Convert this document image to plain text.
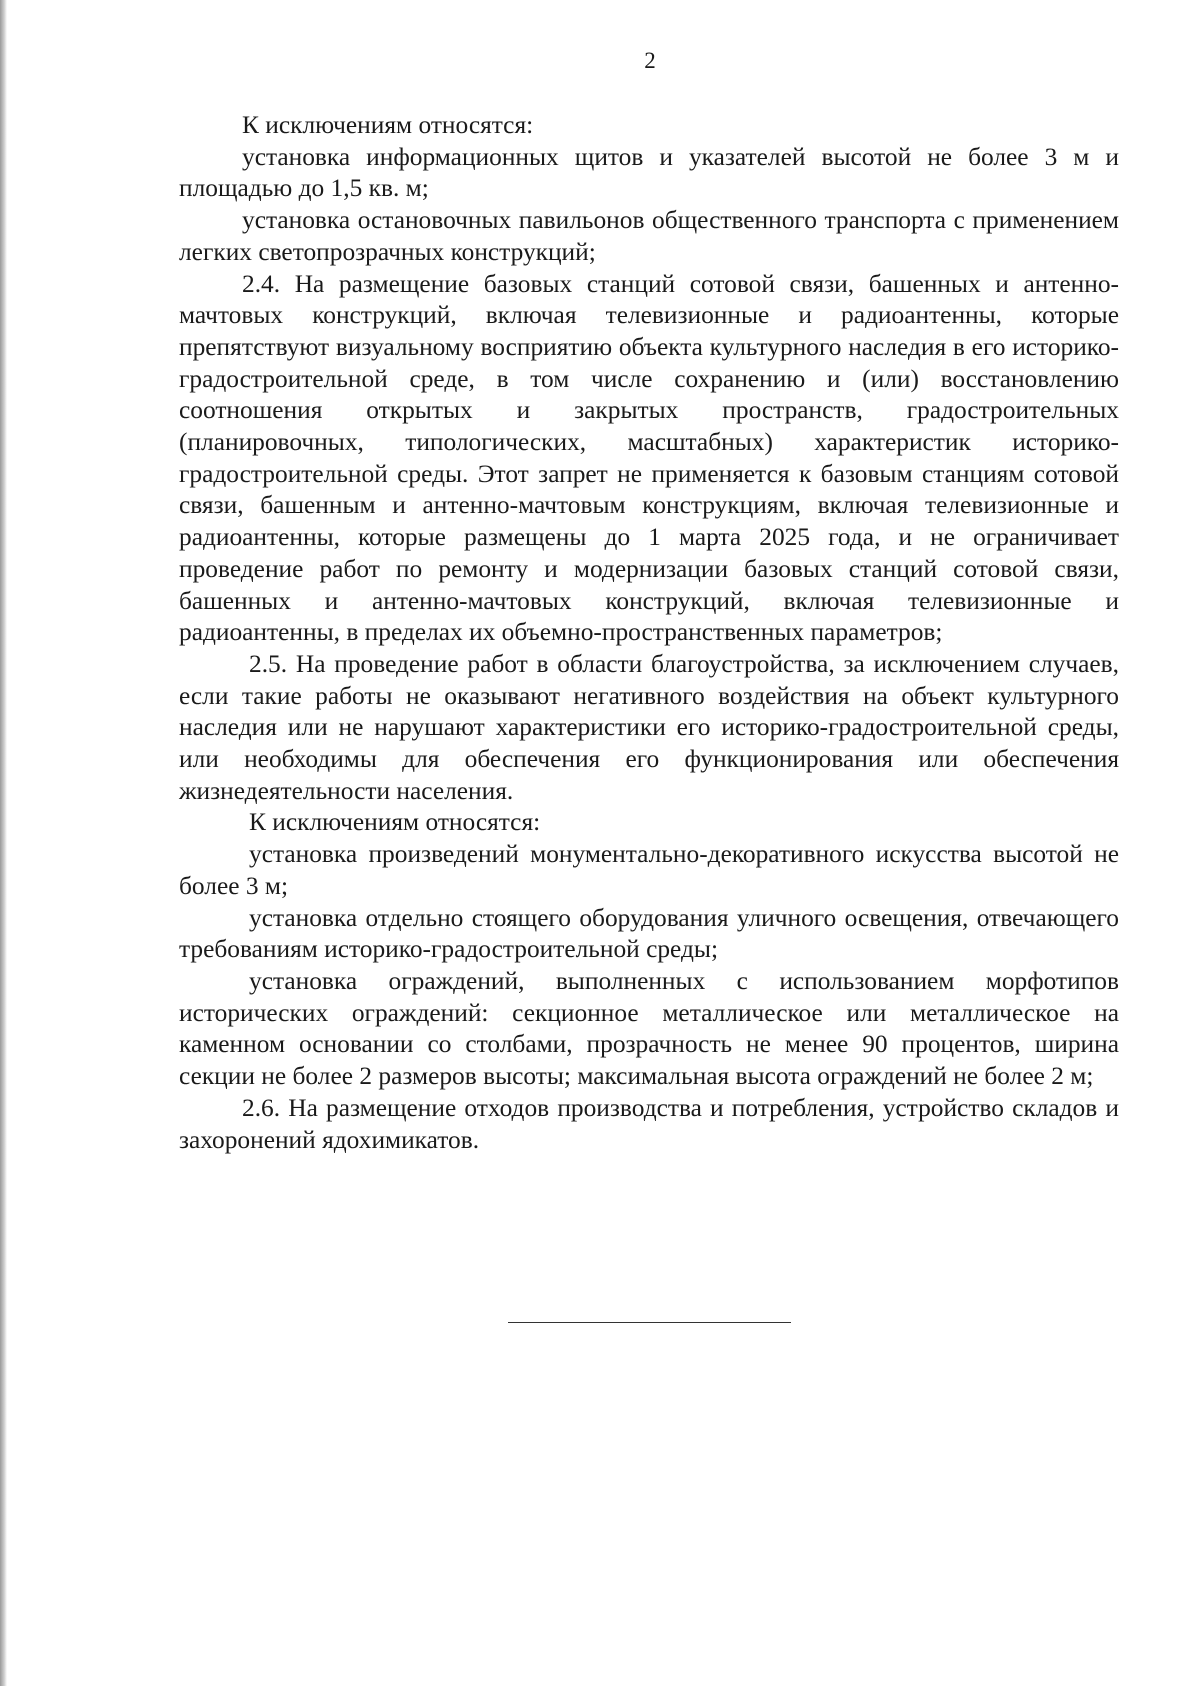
2

К исключениям относятся:

установка информационных щитов и указателей высотой не более 3 м и площадью до 1,5 кв. м;

установка остановочных павильонов общественного транспорта с применением легких светопрозрачных конструкций;

2.4. На размещение базовых станций сотовой связи, башенных и антенно-мачтовых конструкций, включая телевизионные и радиоантенны, которые препятствуют визуальному восприятию объекта культурного наследия в его историко-градостроительной среде, в том числе сохранению и (или) восстановлению соотношения открытых и закрытых пространств, градостроительных (планировочных, типологических, масштабных) характеристик историко-градостроительной среды. Этот запрет не применяется к базовым станциям сотовой связи, башенным и антенно-мачтовым конструкциям, включая телевизионные и радиоантенны, которые размещены до 1 марта 2025 года, и не ограничивает проведение работ по ремонту и модернизации базовых станций сотовой связи, башенных и антенно-мачтовых конструкций, включая телевизионные и радиоантенны, в пределах их объемно-пространственных параметров;

2.5. На проведение работ в области благоустройства, за исключением случаев, если такие работы не оказывают негативного воздействия на объект культурного наследия или не нарушают характеристики его историко-градостроительной среды, или необходимы для обеспечения его функционирования или обеспечения жизнедеятельности населения.

К исключениям относятся:

установка произведений монументально-декоративного искусства высотой не более 3 м;

установка отдельно стоящего оборудования уличного освещения, отвечающего требованиям историко-градостроительной среды;

установка ограждений, выполненных с использованием морфотипов исторических ограждений: секционное металлическое или металлическое на каменном основании со столбами, прозрачность не менее 90 процентов, ширина секции не более 2 размеров высоты; максимальная высота ограждений не более 2 м;

2.6. На размещение отходов производства и потребления, устройство складов и захоронений ядохимикатов.
